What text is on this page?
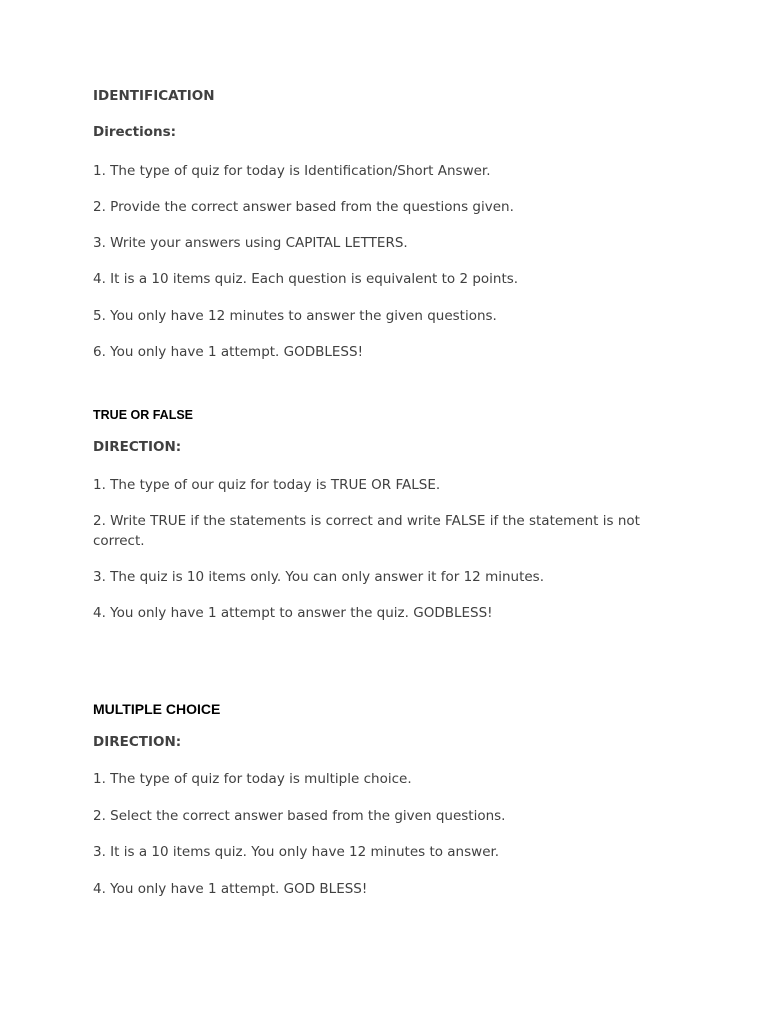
IDENTIFICATION
Directions:
1. The type of quiz for today is Identification/Short Answer.
2. Provide the correct answer based from the questions given.
3. Write your answers using CAPITAL LETTERS.
4. It is a 10 items quiz. Each question is equivalent to 2 points.
5. You only have 12 minutes to answer the given questions.
6. You only have 1 attempt. GODBLESS!
TRUE OR FALSE
DIRECTION:
1. The type of our quiz for today is TRUE OR FALSE.
2. Write TRUE if the statements is correct and write FALSE if the statement is not correct.
3. The quiz is 10 items only. You can only answer it for 12 minutes.
4. You only have 1 attempt to answer the quiz. GODBLESS!
MULTIPLE CHOICE
DIRECTION:
1. The type of quiz for today is multiple choice.
2. Select the correct answer based from the given questions.
3. It is a 10 items quiz. You only have 12 minutes to answer.
4. You only have 1 attempt. GOD BLESS!
